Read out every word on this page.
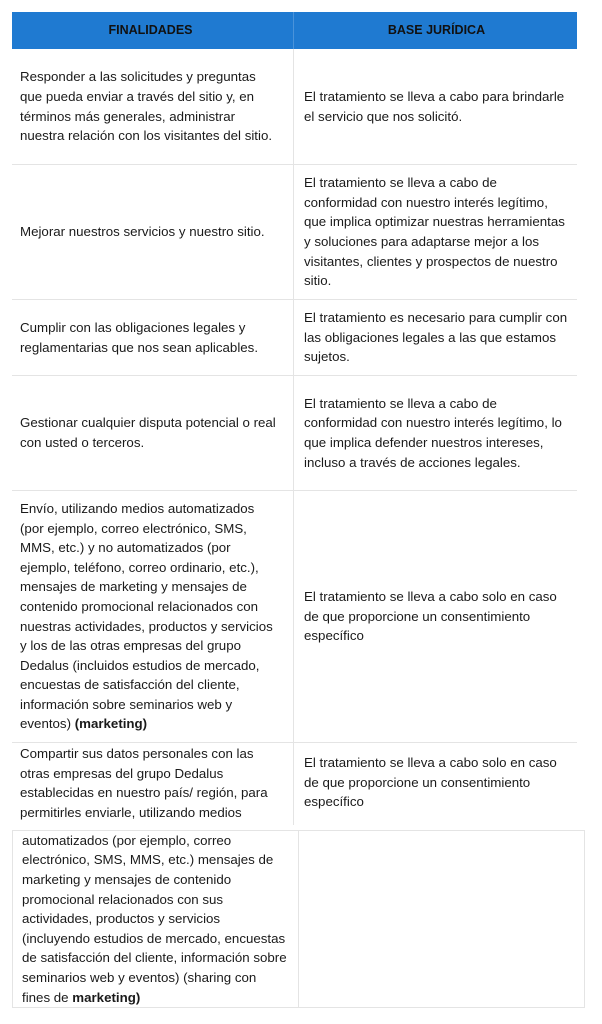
FINALIDADES	BASE JURÍDICA
Responder a las solicitudes y preguntas que pueda enviar a través del sitio y, en términos más generales, administrar nuestra relación con los visitantes del sitio.
El tratamiento se lleva a cabo para brindarle el servicio que nos solicitó.
Mejorar nuestros servicios y nuestro sitio.
El tratamiento se lleva a cabo de conformidad con nuestro interés legítimo, que implica optimizar nuestras herramientas y soluciones para adaptarse mejor a los visitantes, clientes y prospectos de nuestro sitio.
Cumplir con las obligaciones legales y reglamentarias que nos sean aplicables.
El tratamiento es necesario para cumplir con las obligaciones legales a las que estamos sujetos.
Gestionar cualquier disputa potencial o real con usted o terceros.
El tratamiento se lleva a cabo de conformidad con nuestro interés legítimo, lo que implica defender nuestros intereses, incluso a través de acciones legales.
Envío, utilizando medios automatizados (por ejemplo, correo electrónico, SMS, MMS, etc.) y no automatizados (por ejemplo, teléfono, correo ordinario, etc.), mensajes de marketing y mensajes de contenido promocional relacionados con nuestras actividades, productos y servicios y los de las otras empresas del grupo Dedalus (incluidos estudios de mercado, encuestas de satisfacción del cliente, información sobre seminarios web y eventos) (marketing)
El tratamiento se lleva a cabo solo en caso de que proporcione un consentimiento específico
Compartir sus datos personales con las otras empresas del grupo Dedalus establecidas en nuestro país/ región, para permitirles enviarle, utilizando medios
El tratamiento se lleva a cabo solo en caso de que proporcione un consentimiento específico
automatizados (por ejemplo, correo electrónico, SMS, MMS, etc.) mensajes de marketing y mensajes de contenido promocional relacionados con sus actividades, productos y servicios (incluyendo estudios de mercado, encuestas de satisfacción del cliente, información sobre seminarios web y eventos) (sharing con fines de marketing)
